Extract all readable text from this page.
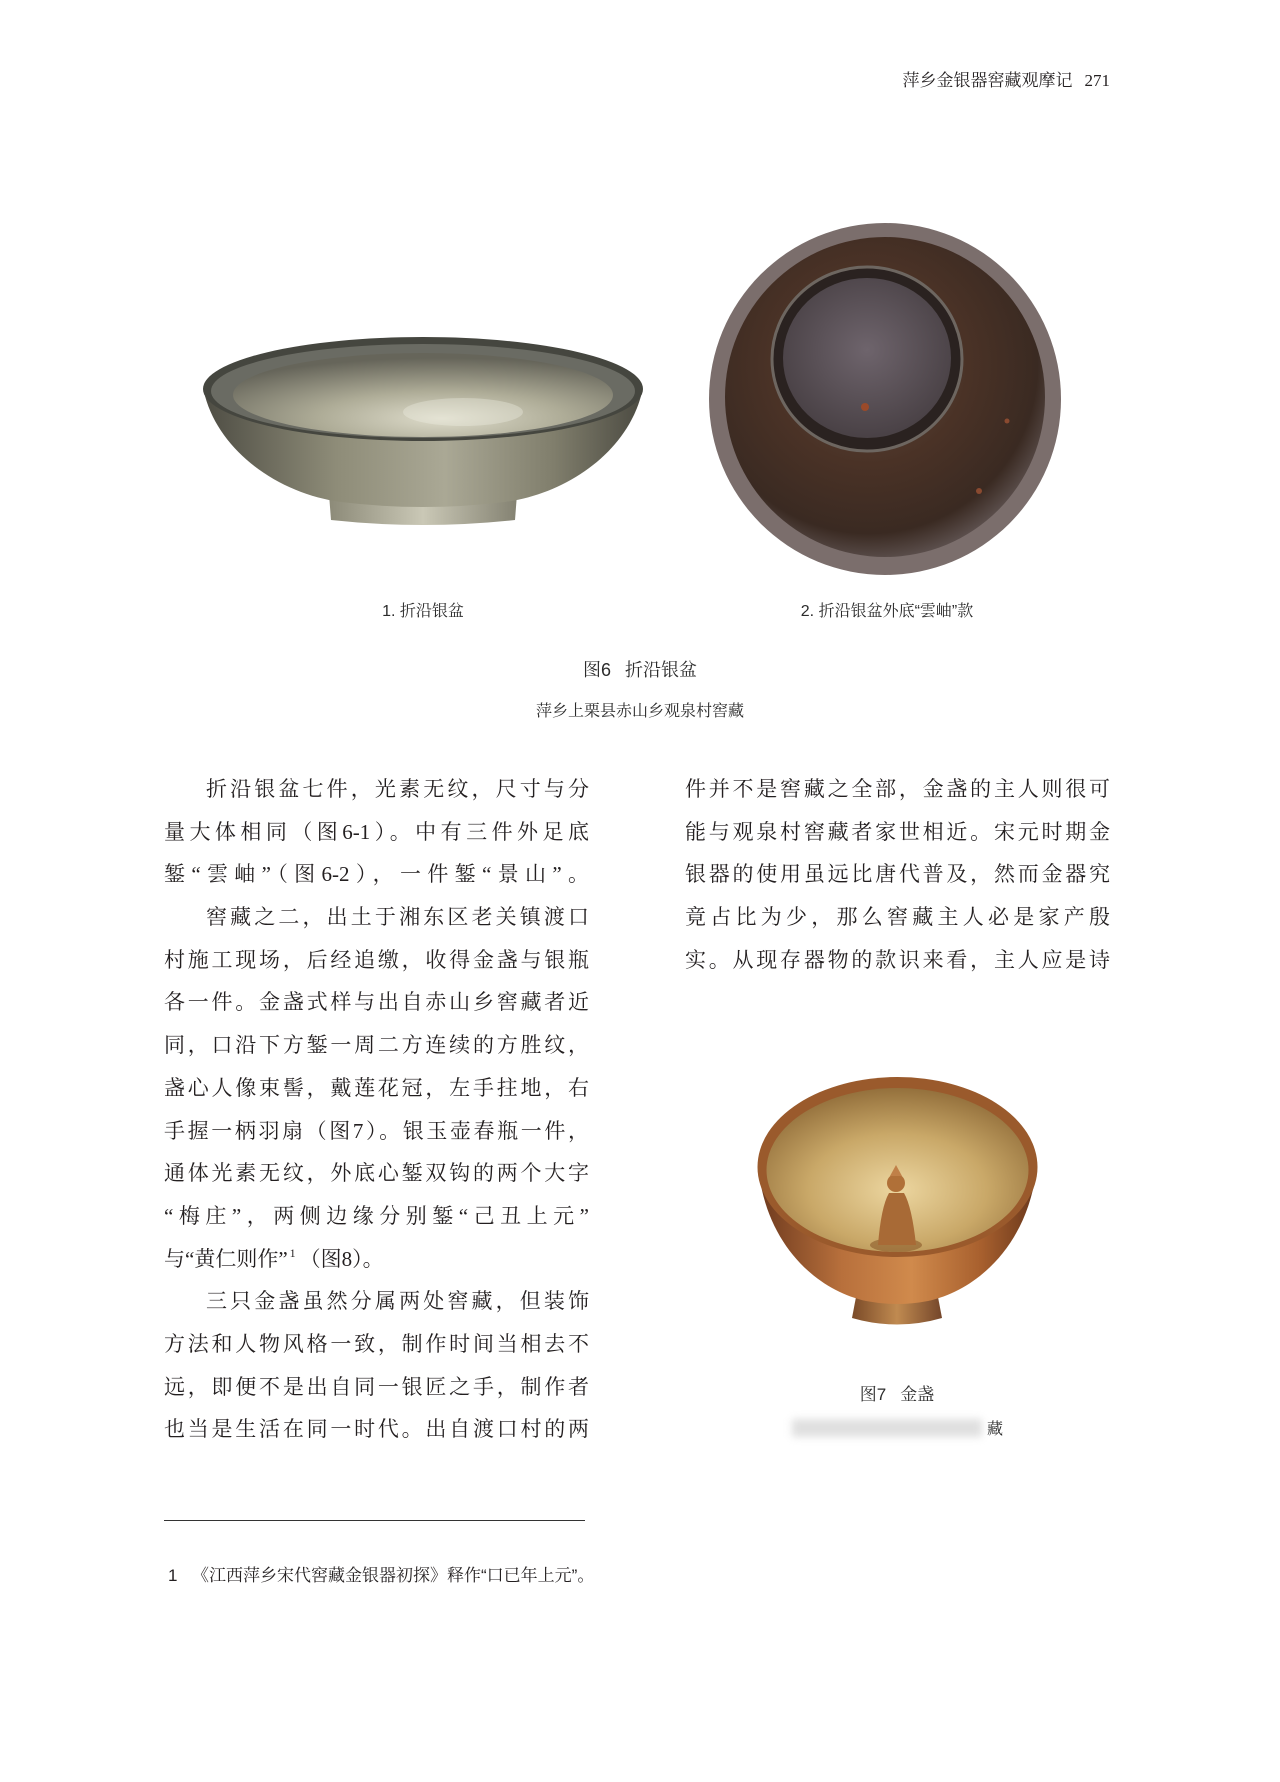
萍乡金银器窖藏观摩记 271
1. 折沿银盆	2. 折沿银盆外底“雲岫”款
图6 折沿银盆
萍乡上栗县赤山乡观泉村窖藏
折沿银盆七件，光素无纹，尺寸与分
量大体相同（图6-1）。中有三件外足底
錾“雲岫”（图6-2），一件錾“景山”。
窖藏之二，出土于湘东区老关镇渡口
村施工现场，后经追缴，收得金盏与银瓶
各一件。金盏式样与出自赤山乡窖藏者近
同，口沿下方錾一周二方连续的方胜纹，
盏心人像束髻，戴莲花冠，左手拄地，右
手握一柄羽扇（图7）。银玉壶春瓶一件，
通体光素无纹，外底心錾双钩的两个大字
“梅庄”，两侧边缘分别錾“己丑上元”
与“黄仁则作” $^1$ （图8）。
三只金盏虽然分属两处窖藏，但装饰
方法和人物风格一致，制作时间当相去不
远，即便不是出自同一银匠之手，制作者
也当是生活在同一时代。出自渡口村的两
件并不是窖藏之全部，金盏的主人则很可
能与观泉村窖藏者家世相近。宋元时期金
银器的使用虽远比唐代普及，然而金器究
竟占比为少，那么窖藏主人必是家产殷
实。从现存器物的款识来看，主人应是诗
图7 金盏
藏
1 《江西萍乡宋代窖藏金银器初探》释作“口已年上元”。
